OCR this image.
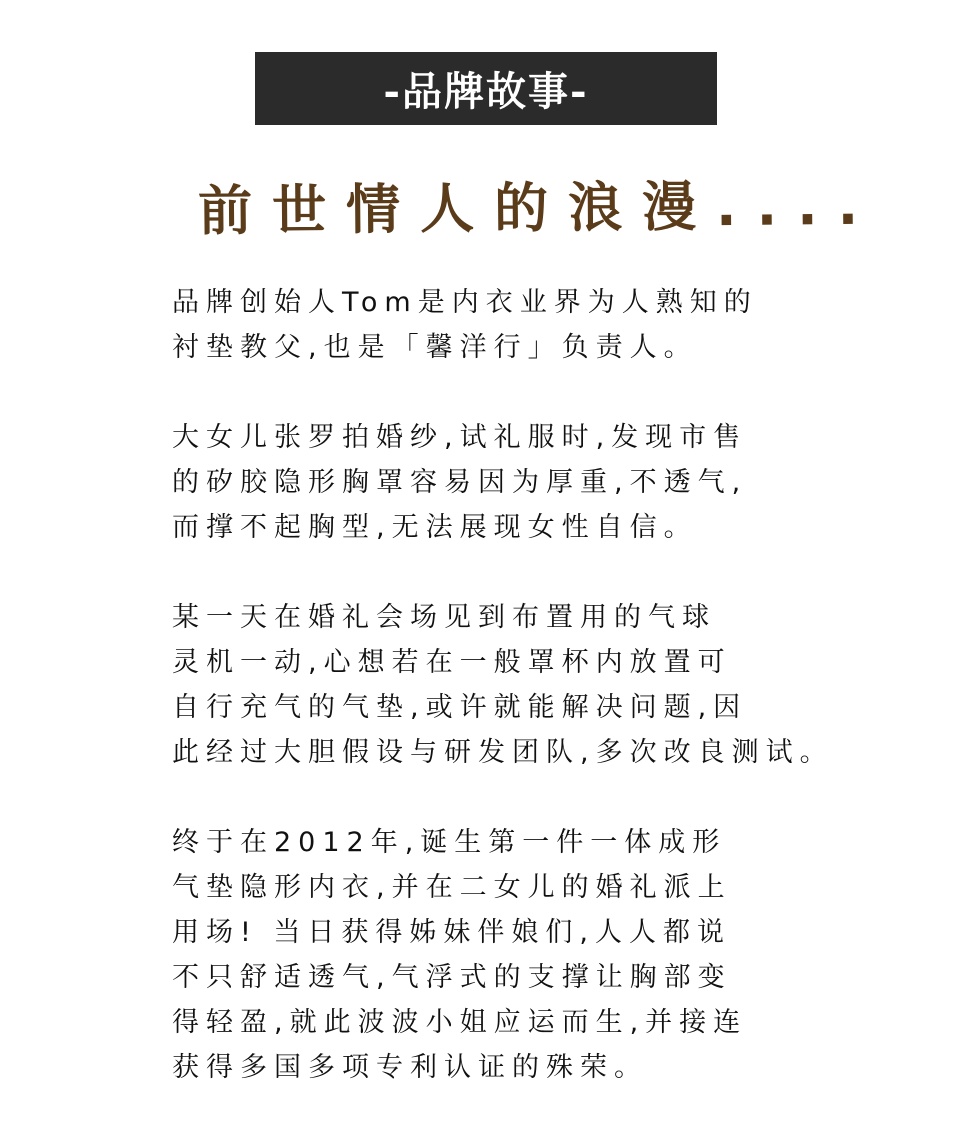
-品牌故事-
前世情人的浪漫....
品牌创始人Tom是内衣业界为人熟知的
衬垫教父,也是「馨洋行」负责人。
大女儿张罗拍婚纱,试礼服时,发现市售
的矽胶隐形胸罩容易因为厚重,不透气,
而撑不起胸型,无法展现女性自信。
某一天在婚礼会场见到布置用的气球
灵机一动,心想若在一般罩杯内放置可
自行充气的气垫,或许就能解决问题,因
此经过大胆假设与研发团队,多次改良测试。
终于在2012年,诞生第一件一体成形
气垫隐形内衣,并在二女儿的婚礼派上
用场! 当日获得姊妹伴娘们,人人都说
不只舒适透气,气浮式的支撑让胸部变
得轻盈,就此波波小姐应运而生,并接连
获得多国多项专利认证的殊荣。
